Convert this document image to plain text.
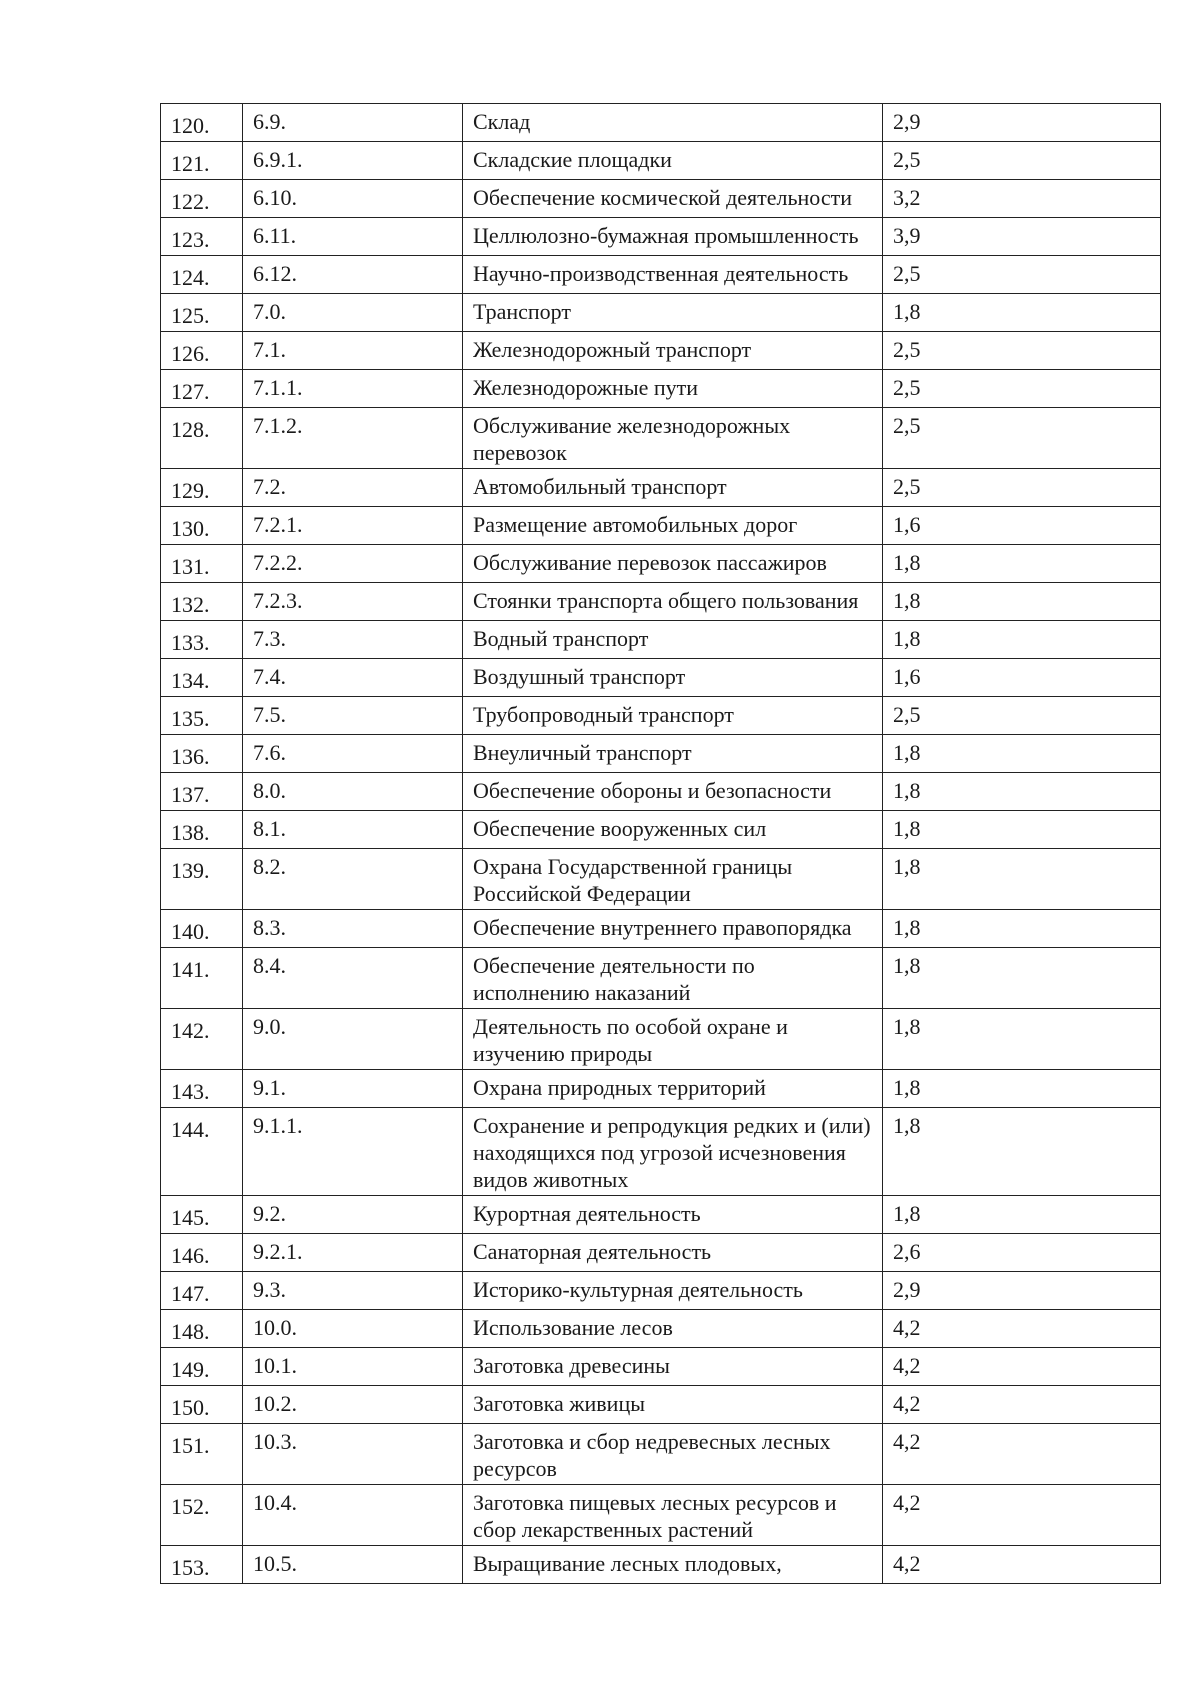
120.	6.9.	Склад	2,9

121.	6.9.1.	Складские площадки	2,5

122.	6.10.	Обеспечение космической деятельности	3,2

123.	6.11.	Целлюлозно-бумажная промышленность	3,9

124.	6.12.	Научно-производственная деятельность	2,5

125.	7.0.	Транспорт	1,8

126.	7.1.	Железнодорожный транспорт	2,5

127.	7.1.1.	Железнодорожные пути	2,5

128.	7.1.2.	Обслуживание железнодорожных перевозок	2,5

129.	7.2.	Автомобильный транспорт	2,5

130.	7.2.1.	Размещение автомобильных дорог	1,6

131.	7.2.2.	Обслуживание перевозок пассажиров	1,8

132.	7.2.3.	Стоянки транспорта общего пользования	1,8

133.	7.3.	Водный транспорт	1,8

134.	7.4.	Воздушный транспорт	1,6

135.	7.5.	Трубопроводный транспорт	2,5

136.	7.6.	Внеуличный транспорт	1,8

137.	8.0.	Обеспечение обороны и безопасности	1,8

138.	8.1.	Обеспечение вооруженных сил	1,8

139.	8.2.	Охрана Государственной границы Российской Федерации	1,8

140.	8.3.	Обеспечение внутреннего правопорядка	1,8

141.	8.4.	Обеспечение деятельности по исполнению наказаний	1,8

142.	9.0.	Деятельность по особой охране и изучению природы	1,8

143.	9.1.	Охрана природных территорий	1,8

144.	9.1.1.	Сохранение и репродукция редких и (или) находящихся под угрозой исчезновения видов животных	1,8

145.	9.2.	Курортная деятельность	1,8

146.	9.2.1.	Санаторная деятельность	2,6

147.	9.3.	Историко-культурная деятельность	2,9

148.	10.0.	Использование лесов	4,2

149.	10.1.	Заготовка древесины	4,2

150.	10.2.	Заготовка живицы	4,2

151.	10.3.	Заготовка и сбор недревесных лесных ресурсов	4,2

152.	10.4.	Заготовка пищевых лесных ресурсов и сбор лекарственных растений	4,2

153.	10.5.	Выращивание лесных плодовых,	4,2
